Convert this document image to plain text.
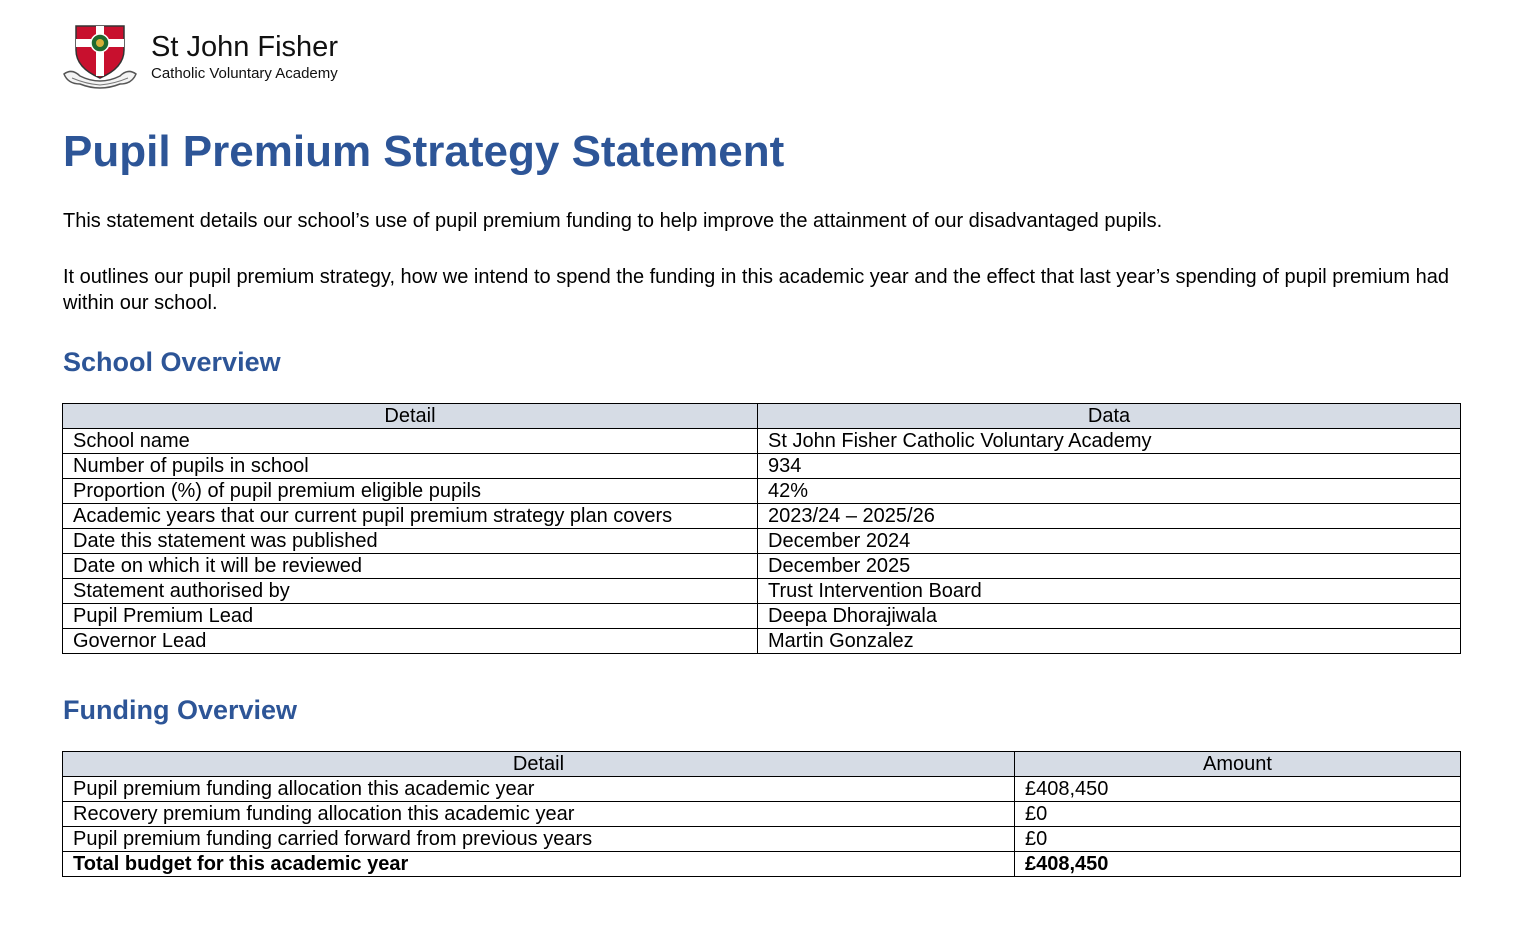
St John Fisher
Catholic Voluntary Academy
Pupil Premium Strategy Statement

This statement details our school’s use of pupil premium funding to help improve the attainment of our disadvantaged pupils.

It outlines our pupil premium strategy, how we intend to spend the funding in this academic year and the effect that last year’s spending of pupil premium had within our school.

School Overview
Detail	Data
School name	St John Fisher Catholic Voluntary Academy
Number of pupils in school	934
Proportion (%) of pupil premium eligible pupils	42%
Academic years that our current pupil premium strategy plan covers	2023/24 – 2025/26
Date this statement was published	December 2024
Date on which it will be reviewed	December 2025
Statement authorised by	Trust Intervention Board
Pupil Premium Lead	Deepa Dhorajiwala
Governor Lead	Martin Gonzalez
Funding Overview
Detail	Amount
Pupil premium funding allocation this academic year	£408,450
Recovery premium funding allocation this academic year	£0
Pupil premium funding carried forward from previous years	£0
Total budget for this academic year	£408,450
